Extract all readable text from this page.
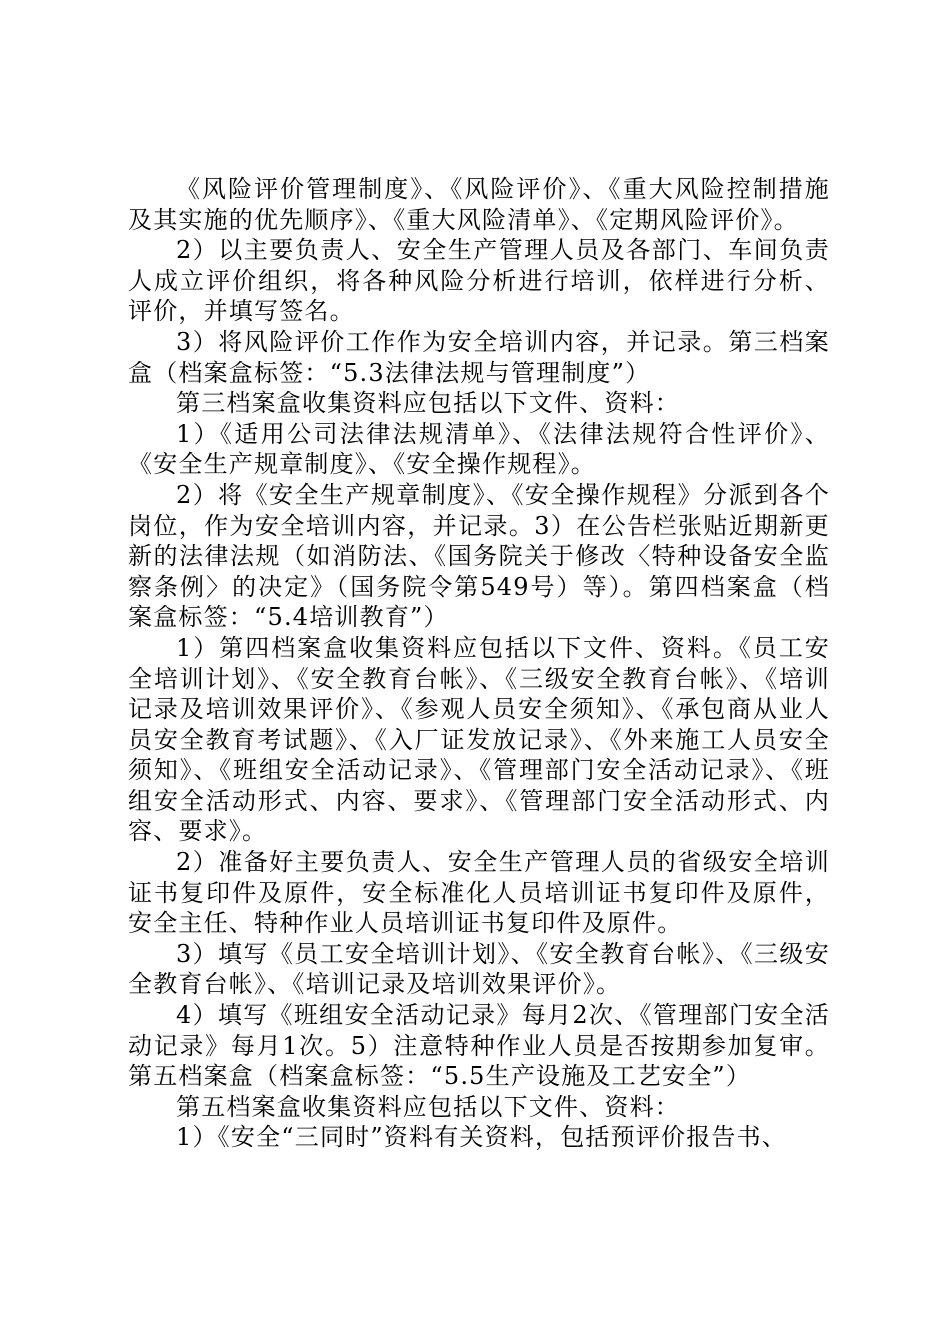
《风险评价管理制度》、《风险评价》、《重大风险控制措施及其实施的优先顺序》、《重大风险清单》、《定期风险评价》。

2）以主要负责人、安全生产管理人员及各部门、车间负责人成立评价组织，将各种风险分析进行培训，依样进行分析、评价，并填写签名。

3）将风险评价工作作为安全培训内容，并记录。第三档案盒（档案盒标签：“5.3法律法规与管理制度”）

第三档案盒收集资料应包括以下文件、资料：

1）《适用公司法律法规清单》、《法律法规符合性评价》、《安全生产规章制度》、《安全操作规程》。

2）将《安全生产规章制度》、《安全操作规程》分派到各个岗位，作为安全培训内容，并记录。3）在公告栏张贴近期新更新的法律法规（如消防法、《国务院关于修改〈特种设备安全监察条例〉的决定》（国务院令第549号）等）。第四档案盒（档案盒标签：“5.4培训教育”）

1）第四档案盒收集资料应包括以下文件、资料。《员工安全培训计划》、《安全教育台帐》、《三级安全教育台帐》、《培训记录及培训效果评价》、《参观人员安全须知》、《承包商从业人员安全教育考试题》、《入厂证发放记录》、《外来施工人员安全须知》、《班组安全活动记录》、《管理部门安全活动记录》、《班组安全活动形式、内容、要求》、《管理部门安全活动形式、内容、要求》。

2）准备好主要负责人、安全生产管理人员的省级安全培训证书复印件及原件，安全标准化人员培训证书复印件及原件，安全主任、特种作业人员培训证书复印件及原件。

3）填写《员工安全培训计划》、《安全教育台帐》、《三级安全教育台帐》、《培训记录及培训效果评价》。

4）填写《班组安全活动记录》每月2次、《管理部门安全活动记录》每月1次。5）注意特种作业人员是否按期参加复审。第五档案盒（档案盒标签：“5.5生产设施及工艺安全”）

第五档案盒收集资料应包括以下文件、资料：

1）《安全“三同时”资料有关资料，包括预评价报告书、
